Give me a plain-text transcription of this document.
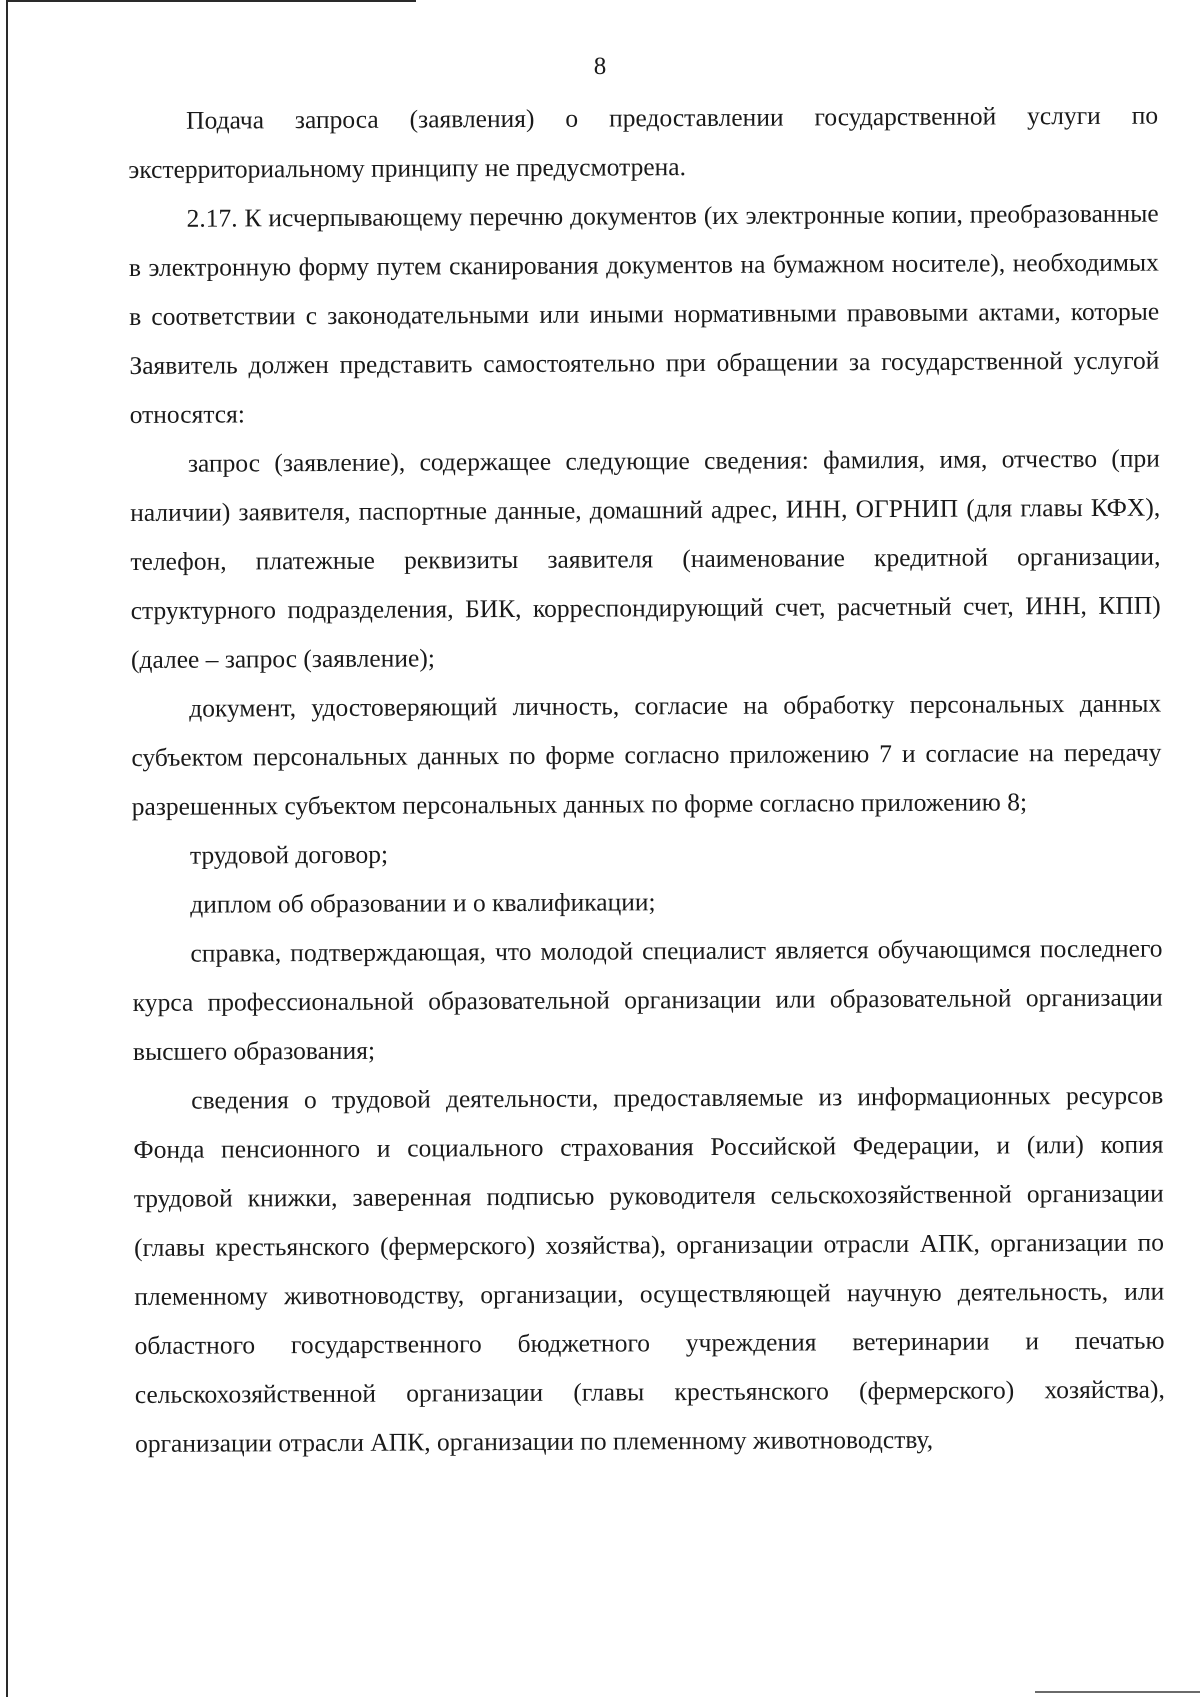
8

Подача запроса (заявления) о предоставлении государственной услуги по экстерриториальному принципу не предусмотрена.

2.17. К исчерпывающему перечню документов (их электронные копии, преобразованные в электронную форму путем сканирования документов на бумажном носителе), необходимых в соответствии с законодательными или иными нормативными правовыми актами, которые Заявитель должен представить самостоятельно при обращении за государственной услугой относятся:

запрос (заявление), содержащее следующие сведения: фамилия, имя, отчество (при наличии) заявителя, паспортные данные, домашний адрес, ИНН, ОГРНИП (для главы КФХ), телефон, платежные реквизиты заявителя (наименование кредитной организации, структурного подразделения, БИК, корреспондирующий счет, расчетный счет, ИНН, КПП) (далее – запрос (заявление);

документ, удостоверяющий личность, согласие на обработку персональных данных субъектом персональных данных по форме согласно приложению 7 и согласие на передачу разрешенных субъектом персональных данных по форме согласно приложению 8;

трудовой договор;

диплом об образовании и о квалификации;

справка, подтверждающая, что молодой специалист является обучающимся последнего курса профессиональной образовательной организации или образовательной организации высшего образования;

сведения о трудовой деятельности, предоставляемые из информационных ресурсов Фонда пенсионного и социального страхования Российской Федерации, и (или) копия трудовой книжки, заверенная подписью руководителя сельскохозяйственной организации (главы крестьянского (фермерского) хозяйства), организации отрасли АПК, организации по племенному животноводству, организации, осуществляющей научную деятельность, или областного государственного бюджетного учреждения ветеринарии и печатью сельскохозяйственной организации (главы крестьянского (фермерского) хозяйства), организации отрасли АПК, организации по племенному животноводству,
